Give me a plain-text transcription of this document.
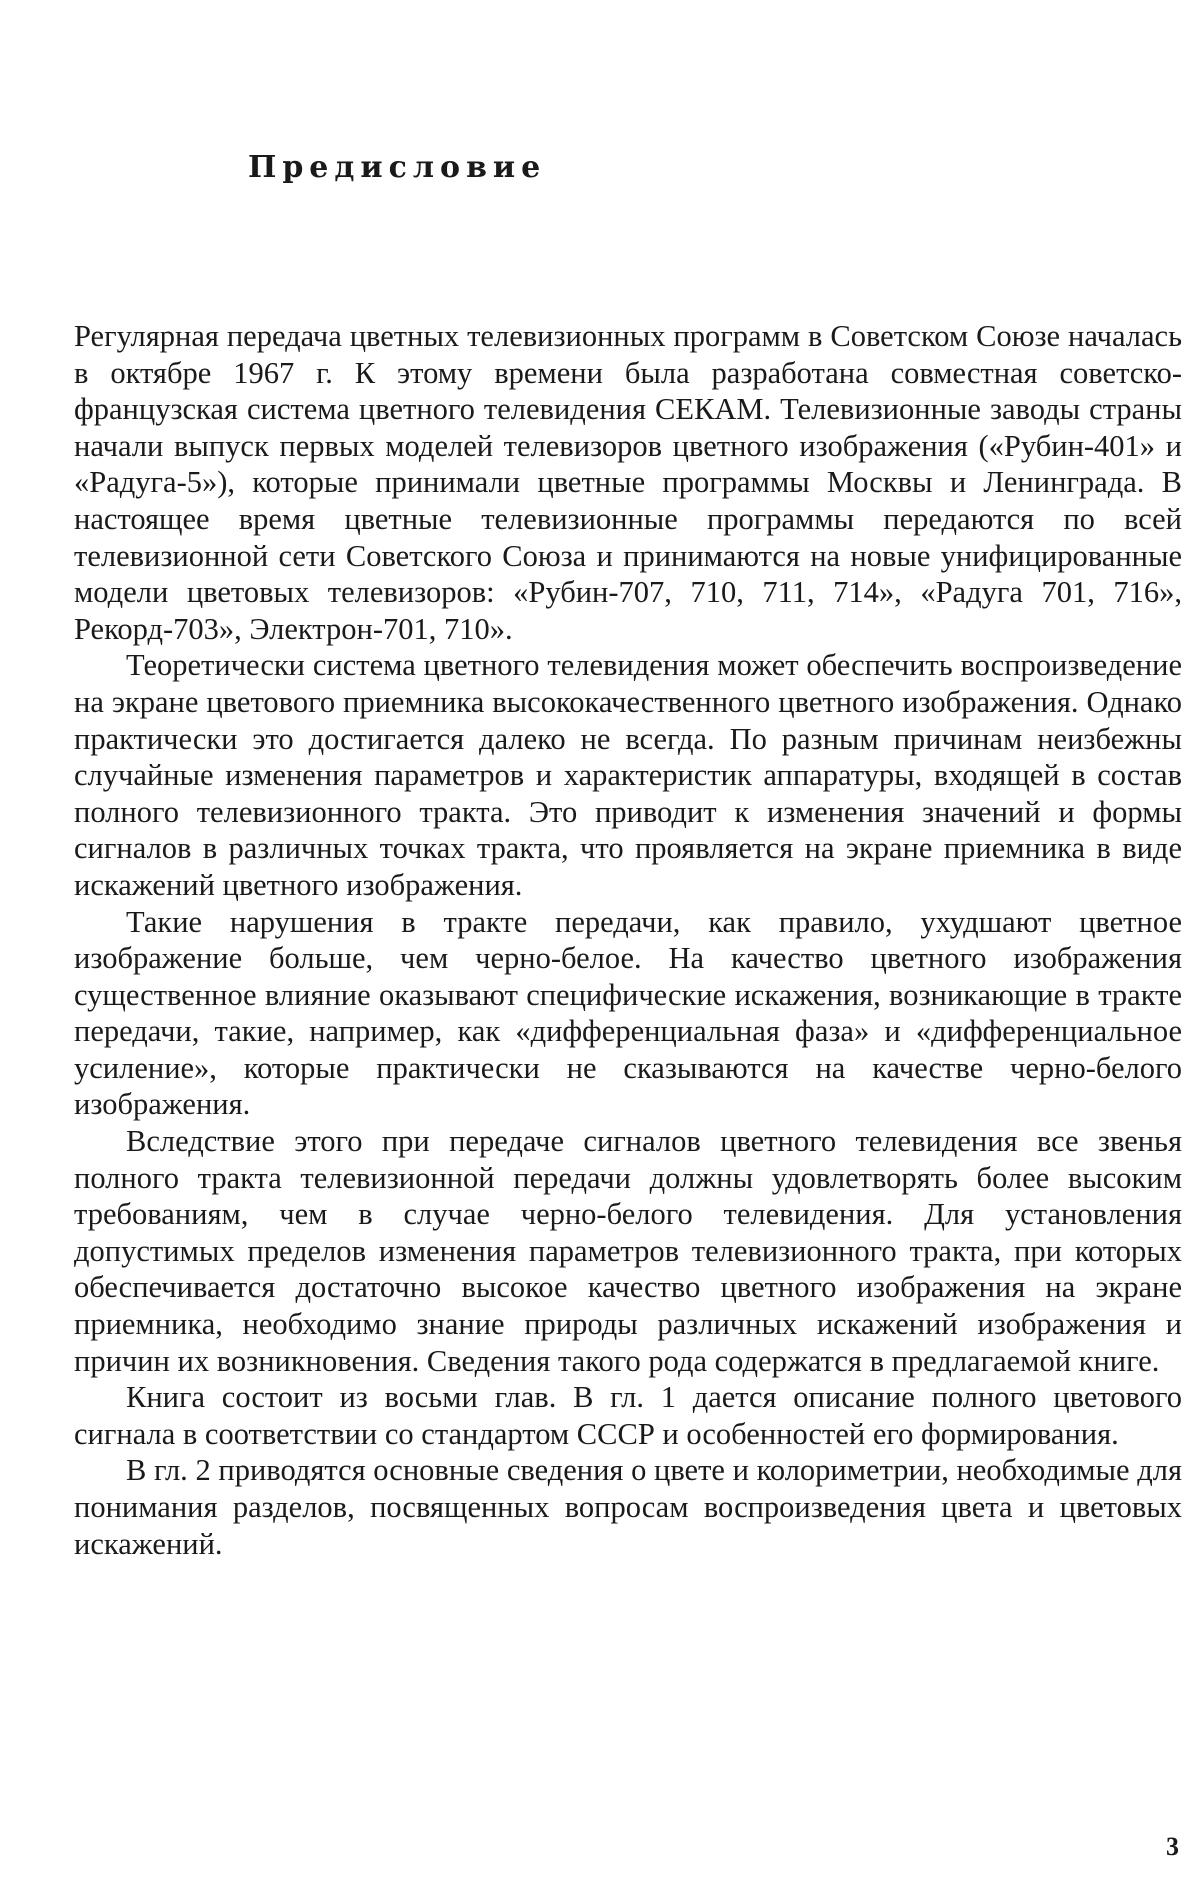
Предисловие

Регулярная передача цветных телевизионных программ в Советском Союзе началась в октябре 1967 г. К этому времени была разработана совместная советско-французская система цветного телевидения СЕКАМ. Телевизионные заводы страны начали выпуск первых моделей телевизоров цветного изображения («Рубин-401» и «Радуга-5»), которые принимали цветные программы Москвы и Ленинграда. В настоящее время цветные телевизионные программы передаются по всей телевизионной сети Советского Союза и принимаются на новые унифицированные модели цветовых телевизоров: «Рубин-707, 710, 711, 714», «Радуга 701, 716», Рекорд-703», Электрон-701, 710».

Теоретически система цветного телевидения может обеспечить воспроизведение на экране цветового приемника высококачественного цветного изображения. Однако практически это достигается далеко не всегда. По разным причинам неизбежны случайные изменения параметров и характеристик аппаратуры, входящей в состав полного телевизионного тракта. Это приводит к изменения значений и формы сигналов в различных точках тракта, что проявляется на экране приемника в виде искажений цветного изображения.

Такие нарушения в тракте передачи, как правило, ухудшают цветное изображение больше, чем черно-белое. На качество цветного изображения существенное влияние оказывают специфические искажения, возникающие в тракте передачи, такие, например, как «дифференциальная фаза» и «дифференциальное усиление», которые практически не сказываются на качестве черно-белого изображения.

Вследствие этого при передаче сигналов цветного телевидения все звенья полного тракта телевизионной передачи должны удовлетворять более высоким требованиям, чем в случае черно-белого телевидения. Для установления допустимых пределов изменения параметров телевизионного тракта, при которых обеспечивается достаточно высокое качество цветного изображения на экране приемника, необходимо знание природы различных искажений изображения и причин их возникновения. Сведения такого рода содержатся в предлагаемой книге.

Книга состоит из восьми глав. В гл. 1 дается описание полного цветового сигнала в соответствии со стандартом СССР и особенностей его формирования.

В гл. 2 приводятся основные сведения о цвете и колориметрии, необходимые для понимания разделов, посвященных вопросам воспроизведения цвета и цветовых искажений.

3
